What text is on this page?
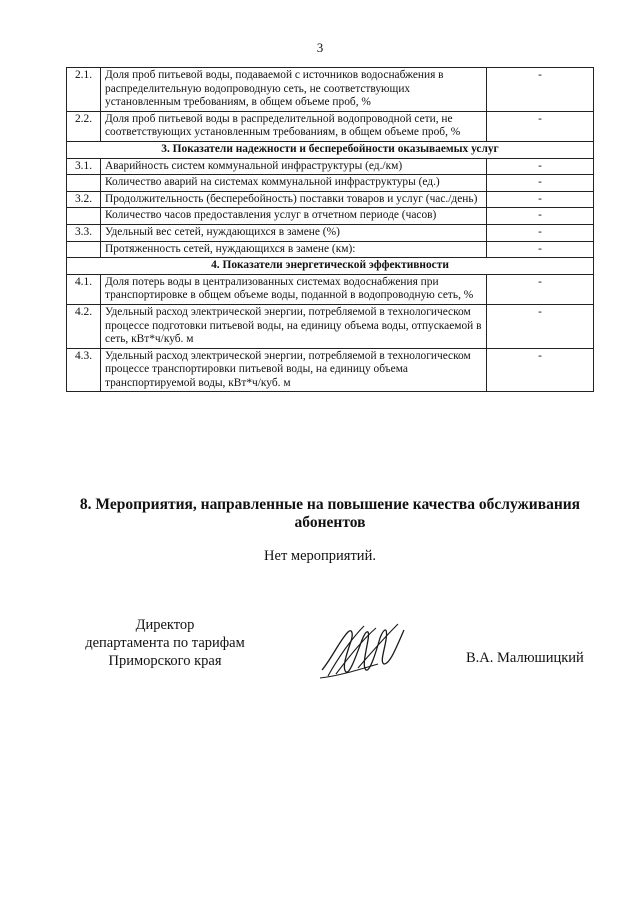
3
2.1.	Доля проб питьевой воды, подаваемой с источников водоснабжения в распределительную водопроводную сеть, не соответствующих установленным требованиям, в общем объеме проб, %	-
2.2.	Доля проб питьевой воды в распределительной водопроводной сети, не соответствующих установленным требованиям, в общем объеме проб, %	-
3. Показатели надежности и бесперебойности оказываемых услуг		
3.1.	Аварийность систем коммунальной инфраструктуры (ед./км)	-
	Количество аварий на системах коммунальной инфраструктуры (ед.)	-
3.2.	Продолжительность (бесперебойность) поставки товаров и услуг (час./день)	-
	Количество часов предоставления услуг в отчетном периоде (часов)	-
3.3.	Удельный вес сетей, нуждающихся в замене (%)	-
	Протяженность сетей, нуждающихся в замене (км):	-
4. Показатели энергетической эффективности		
4.1.	Доля потерь воды в централизованных системах водоснабжения при транспортировке в общем объеме воды, поданной в водопроводную сеть, %	-
4.2.	Удельный расход электрической энергии, потребляемой в технологическом процессе подготовки питьевой воды, на единицу объема воды, отпускаемой в сеть, кВт*ч/куб. м	-
4.3.	Удельный расход электрической энергии, потребляемой в технологическом процессе транспортировки питьевой воды, на единицу объема транспортируемой воды, кВт*ч/куб. м	-
8. Мероприятия, направленные на повышение качества обслуживания абонентов
Нет мероприятий.
Директор
департамента по тарифам
Приморского края	В.А. Малюшицкий
